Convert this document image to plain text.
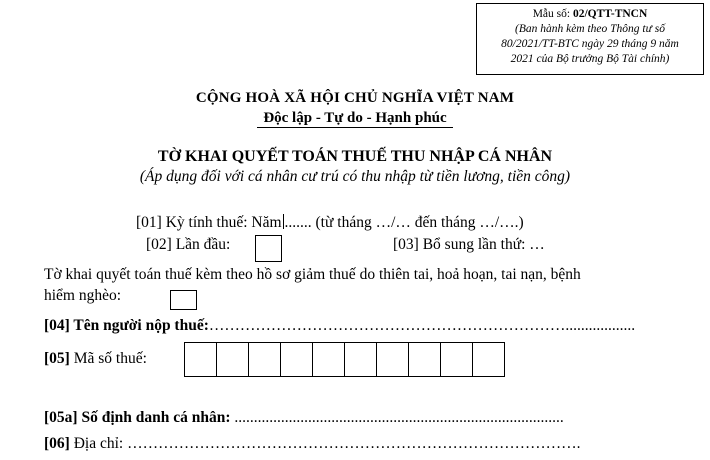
Mẫu số: 02/QTT-TNCN
(Ban hành kèm theo Thông tư số
80/2021/TT-BTC ngày 29 tháng 9 năm
2021 của Bộ trưởng Bộ Tài chính)
CỘNG HOÀ XÃ HỘI CHỦ NGHĨA VIỆT NAM
Độc lập - Tự do - Hạnh phúc
TỜ KHAI QUYẾT TOÁN THUẾ THU NHẬP CÁ NHÂN
(Áp dụng đối với cá nhân cư trú có thu nhập từ tiền lương, tiền công)
[01] Kỳ tính thuế: Năm ....... (từ tháng …/… đến tháng …/….)
[02] Lần đầu:	[03] Bổ sung lần thứ: …
Tờ khai quyết toán thuế kèm theo hồ sơ giảm thuế do thiên tai, hoả hoạn, tai nạn, bệnh
hiểm nghèo:
[04] Tên người nộp thuế:……………………………………………………………..................
[05] Mã số thuế:
[05a] Số định danh cá nhân: .....................................................................................
[06] Địa chỉ: …………………………………………………………………………….
